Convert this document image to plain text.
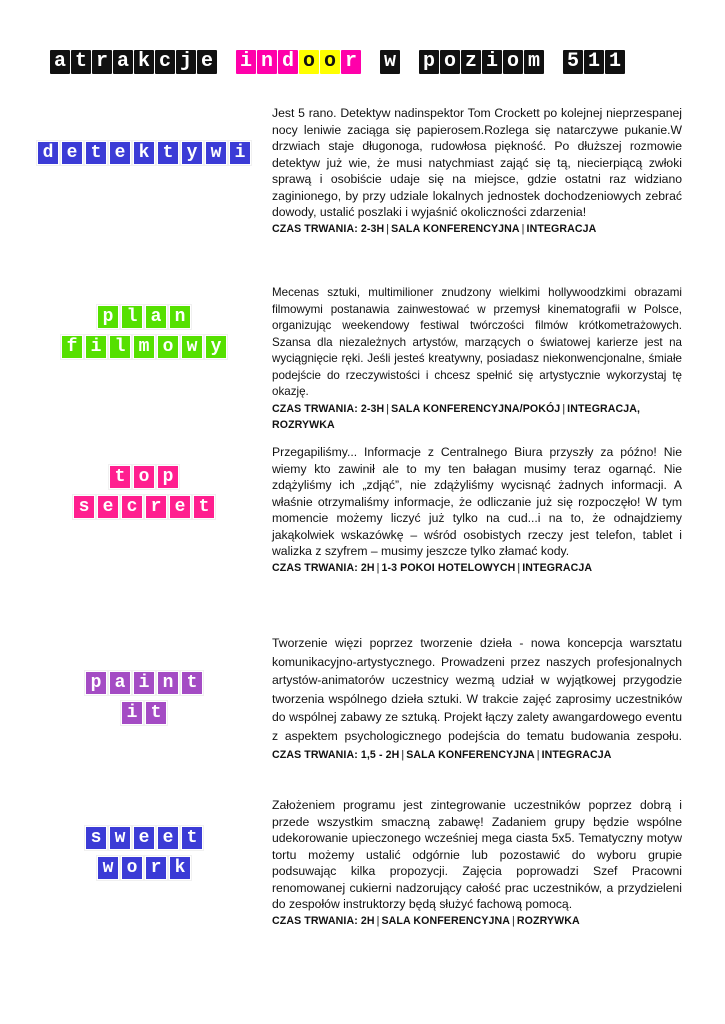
a t r a k c j e i n d o o r w p o z i o m 5 1 1
d e t e k t y w i
Jest 5 rano. Detektyw nadinspektor Tom Crockett po kolejnej nieprzespanej nocy leniwie zaciąga się papierosem.Rozlega się natarczywe pukanie.W drzwiach staje długonoga, rudowłosa piękność. Po dłuższej rozmowie detektyw już wie, że musi natychmiast zająć się tą, niecierpiącą zwłoki sprawą i osobiście udaje się na miejsce, gdzie ostatni raz widziano zaginionego, by przy udziale lokalnych jednostek dochodzeniowych zebrać dowody, ustalić poszlaki i wyjaśnić okoliczności zdarzenia!
CZAS TRWANIA: 2-3H | SALA KONFERENCYJNA | INTEGRACJA
p l a n
f i l m o w y
Mecenas sztuki, multimilioner znudzony wielkimi hollywoodzkimi obrazami filmowymi postanawia zainwestować w przemysł kinematografii w Polsce, organizując weekendowy festiwal twórczości filmów krótkometrażowych. Szansa dla niezależnych artystów, marzących o światowej karierze jest na wyciągnięcie ręki. Jeśli jesteś kreatywny, posiadasz niekonwencjonalne, śmiałe podejście do rzeczywistości i chcesz spełnić się artystycznie wykorzystaj tę okazję.
CZAS TRWANIA: 2-3H | SALA KONFERENCYJNA/POKÓJ | INTEGRACJA, ROZRYWKA
t o p
s e c r e t
Przegapiliśmy... Informacje z Centralnego Biura przyszły za późno! Nie wiemy kto zawinił ale to my ten bałagan musimy teraz ogarnąć. Nie zdążyliśmy ich „zdjąć”, nie zdążyliśmy wycisnąć żadnych informacji. A właśnie otrzymaliśmy informacje, że odliczanie już się rozpoczęło! W tym momencie możemy liczyć już tylko na cud...i na to, że odnajdziemy jakąkolwiek wskazówkę – wśród osobistych rzeczy jest telefon, tablet i walizka z szyfrem – musimy jeszcze tylko złamać kody.
CZAS TRWANIA: 2H | 1-3 POKOI HOTELOWYCH | INTEGRACJA
p a i n t
i t
Tworzenie więzi poprzez tworzenie dzieła - nowa koncepcja warsztatu komunikacyjno-artystycznego. Prowadzeni przez naszych profesjonalnych artystów-animatorów uczestnicy wezmą udział w wyjątkowej przygodzie tworzenia wspólnego dzieła sztuki. W trakcie zajęć zaprosimy uczestników do wspólnej zabawy ze sztuką. Projekt łączy zalety awangardowego eventu z aspektem psychologicznego podejścia do tematu budowania zespołu. CZAS TRWANIA: 1,5 - 2H | SALA KONFERENCYJNA | INTEGRACJA
s w e e t
w o r k
Założeniem programu jest zintegrowanie uczestników poprzez dobrą i przede wszystkim smaczną zabawę! Zadaniem grupy będzie wspólne udekorowanie upieczonego wcześniej mega ciasta 5x5. Tematyczny motyw tortu możemy ustalić odgórnie lub pozostawić do wyboru grupie podsuwając kilka propozycji. Zajęcia poprowadzi Szef Pracowni renomowanej cukierni nadzorujący całość prac uczestników, a przydzieleni do zespołów instruktorzy będą służyć fachową pomocą.
CZAS TRWANIA: 2H | SALA KONFERENCYJNA | ROZRYWKA
